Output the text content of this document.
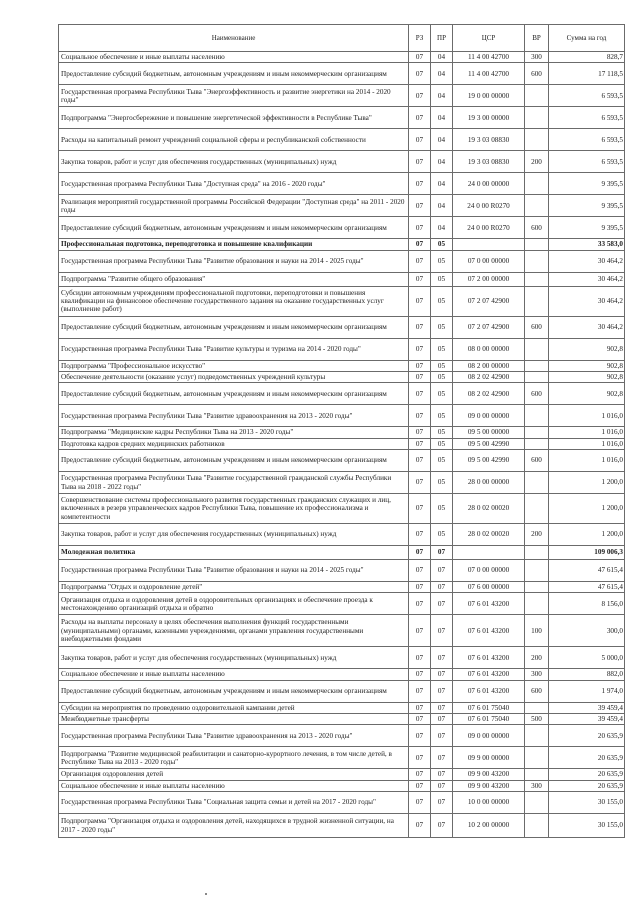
Наименование	РЗ	ПР	ЦСР	ВР	Сумма на год
Социальное обеспечение и иные выплаты населению	07	04	11 4 00 42700	300	828,7
Предоставление субсидий бюджетным, автономным учреждениям и иным некоммерческим организациям	07	04	11 4 00 42700	600	17 118,5
Государственная программа Республики Тыва "Энергоэффективность и развитие энергетики на 2014 - 2020 годы"	07	04	19 0 00 00000		6 593,5
Подпрограмма "Энергосбережение и повышение энергетической эффективности в Республике Тыва"	07	04	19 3 00 00000		6 593,5
Расходы на капитальный ремонт учреждений социальной сферы и республиканской собственности	07	04	19 3 03 08830		6 593,5
Закупка товаров, работ и услуг для обеспечения государственных (муниципальных) нужд	07	04	19 3 03 08830	200	6 593,5
Государственная программа Республики Тыва "Доступная среда" на 2016 - 2020 годы"	07	04	24 0 00 00000		9 395,5
Реализация мероприятий государственной программы Российской Федерации "Доступная среда" на 2011 - 2020 годы	07	04	24 0 00 R0270		9 395,5
Предоставление субсидий бюджетным, автономным учреждениям и иным некоммерческим организациям	07	04	24 0 00 R0270	600	9 395,5
Профессиональная подготовка, переподготовка и повышение квалификации	07	05			33 583,0
Государственная программа Республики Тыва "Развитие образования и науки на 2014 - 2025 годы"	07	05	07 0 00 00000		30 464,2
Подпрограмма "Развитие общего образования"	07	05	07 2 00 00000		30 464,2
Субсидии автономным учреждениям профессиональной подготовки, переподготовки и повышения квалификации на финансовое обеспечение государственного задания на оказание государственных услуг (выполнение работ)	07	05	07 2 07 42900		30 464,2
Предоставление субсидий бюджетным, автономным учреждениям и иным некоммерческим организациям	07	05	07 2 07 42900	600	30 464,2
Государственная программа Республики Тыва "Развитие культуры и туризма на 2014 - 2020 годы"	07	05	08 0 00 00000		902,8
Подпрограмма "Профессиональное искусство"	07	05	08 2 00 00000		902,8
Обеспечение деятельности (оказание услуг) подведомственных учреждений культуры	07	05	08 2 02 42900		902,8
Предоставление субсидий бюджетным, автономным учреждениям и иным некоммерческим организациям	07	05	08 2 02 42900	600	902,8
Государственная программа Республики Тыва "Развитие здравоохранения на 2013 - 2020 годы"	07	05	09 0 00 00000		1 016,0
Подпрограмма "Медицинские кадры Республики Тыва на 2013 - 2020 годы"	07	05	09 5 00 00000		1 016,0
Подготовка кадров средних медицинских работников	07	05	09 5 00 42990		1 016,0
Предоставление субсидий бюджетным, автономным учреждениям и иным некоммерческим организациям	07	05	09 5 00 42990	600	1 016,0
Государственная программа Республики Тыва "Развитие государственной гражданской службы Республики Тыва на 2018 - 2022 годы"	07	05	28 0 00 00000		1 200,0
Совершенствование системы профессионального развития государственных гражданских служащих и лиц, включенных в резерв управленческих кадров Республики Тыва, повышение их профессионализма и компетентности	07	05	28 0 02 00020		1 200,0
Закупка товаров, работ и услуг для обеспечения государственных (муниципальных) нужд	07	05	28 0 02 00020	200	1 200,0
Молодежная политика	07	07			109 006,3
Государственная программа Республики Тыва "Развитие образования и науки на 2014 - 2025 годы"	07	07	07 0 00 00000		47 615,4
Подпрограмма "Отдых и оздоровление детей"	07	07	07 6 00 00000		47 615,4
Организация отдыха и оздоровления детей в оздоровительных организациях и обеспечение проезда к местонахождению организаций отдыха и обратно	07	07	07 6 01 43200		8 156,0
Расходы на выплаты персоналу в целях обеспечения выполнения функций государственными (муниципальными) органами, казенными учреждениями, органами управления государственными внебюджетными фондами	07	07	07 6 01 43200	100	300,0
Закупка товаров, работ и услуг для обеспечения государственных (муниципальных) нужд	07	07	07 6 01 43200	200	5 000,0
Социальное обеспечение и иные выплаты населению	07	07	07 6 01 43200	300	882,0
Предоставление субсидий бюджетным, автономным учреждениям и иным некоммерческим организациям	07	07	07 6 01 43200	600	1 974,0
Субсидии на мероприятия по проведению оздоровительной кампании детей	07	07	07 6 01 75040		39 459,4
Межбюджетные трансферты	07	07	07 6 01 75040	500	39 459,4
Государственная программа Республики Тыва "Развитие здравоохранения на 2013 - 2020 годы"	07	07	09 0 00 00000		20 635,9
Подпрограмма "Развитие медицинской реабилитации и санаторно-курортного лечения, в том числе детей, в Республике Тыва на 2013 - 2020 годы"	07	07	09 9 00 00000		20 635,9
Организация оздоровления детей	07	07	09 9 00 43200		20 635,9
Социальное обеспечение и иные выплаты населению	07	07	09 9 00 43200	300	20 635,9
Государственная программа Республики Тыва "Социальная защита семьи и детей на 2017 - 2020 годы"	07	07	10 0 00 00000		30 155,0
Подпрограмма "Организация отдыха и оздоровления детей, находящихся в трудной жизненной ситуации, на 2017 - 2020 годы"	07	07	10 2 00 00000		30 155,0
